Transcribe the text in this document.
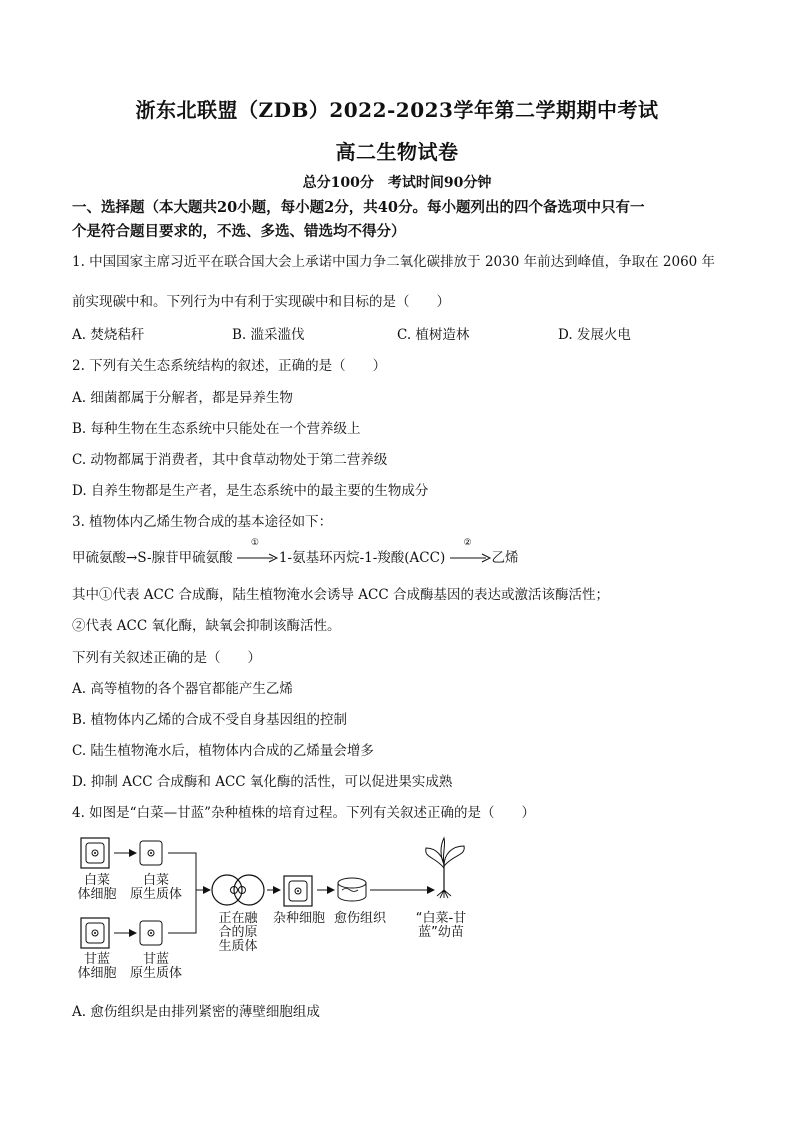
浙东北联盟（ZDB）2022-2023学年第二学期期中考试
高二生物试卷
总分100分　考试时间90分钟
一、选择题（本大题共20小题，每小题2分，共40分。每小题列出的四个备选项中只有一
个是符合题目要求的，不选、多选、错选均不得分）
1. 中国国家主席习近平在联合国大会上承诺中国力争二氧化碳排放于 2030 年前达到峰值，争取在 2060 年
前实现碳中和。下列行为中有利于实现碳中和目标的是（　　）
A. 焚烧秸秆	B. 滥采滥伐	C. 植树造林	D. 发展火电
2. 下列有关生态系统结构的叙述，正确的是（　　）
A. 细菌都属于分解者，都是异养生物
B. 每种生物在生态系统中只能处在一个营养级上
C. 动物都属于消费者，其中食草动物处于第二营养级
D. 自养生物都是生产者，是生态系统中的最主要的生物成分
3. 植物体内乙烯生物合成的基本途径如下：
甲硫氨酸→S-腺苷甲硫氨酸
①
1-氨基环丙烷-1-羧酸(ACC)
②
乙烯
其中①代表 ACC 合成酶，陆生植物淹水会诱导 ACC 合成酶基因的表达或激活该酶活性；
②代表 ACC 氧化酶，缺氧会抑制该酶活性。
下列有关叙述正确的是（　　）
A. 高等植物的各个器官都能产生乙烯
B. 植物体内乙烯的合成不受自身基因组的控制
C. 陆生植物淹水后，植物体内合成的乙烯量会增多
D. 抑制 ACC 合成酶和 ACC 氧化酶的活性，可以促进果实成熟
4. 如图是“白菜—甘蓝”杂种植株的培育过程。下列有关叙述正确的是（　　）
白菜
体细胞
白菜
原生质体
甘蓝
体细胞
甘蓝
原生质体
正在融
合的原
生质体
杂种细胞 愈伤组织	“白菜-甘
蓝”幼苗
A. 愈伤组织是由排列紧密的薄壁细胞组成
